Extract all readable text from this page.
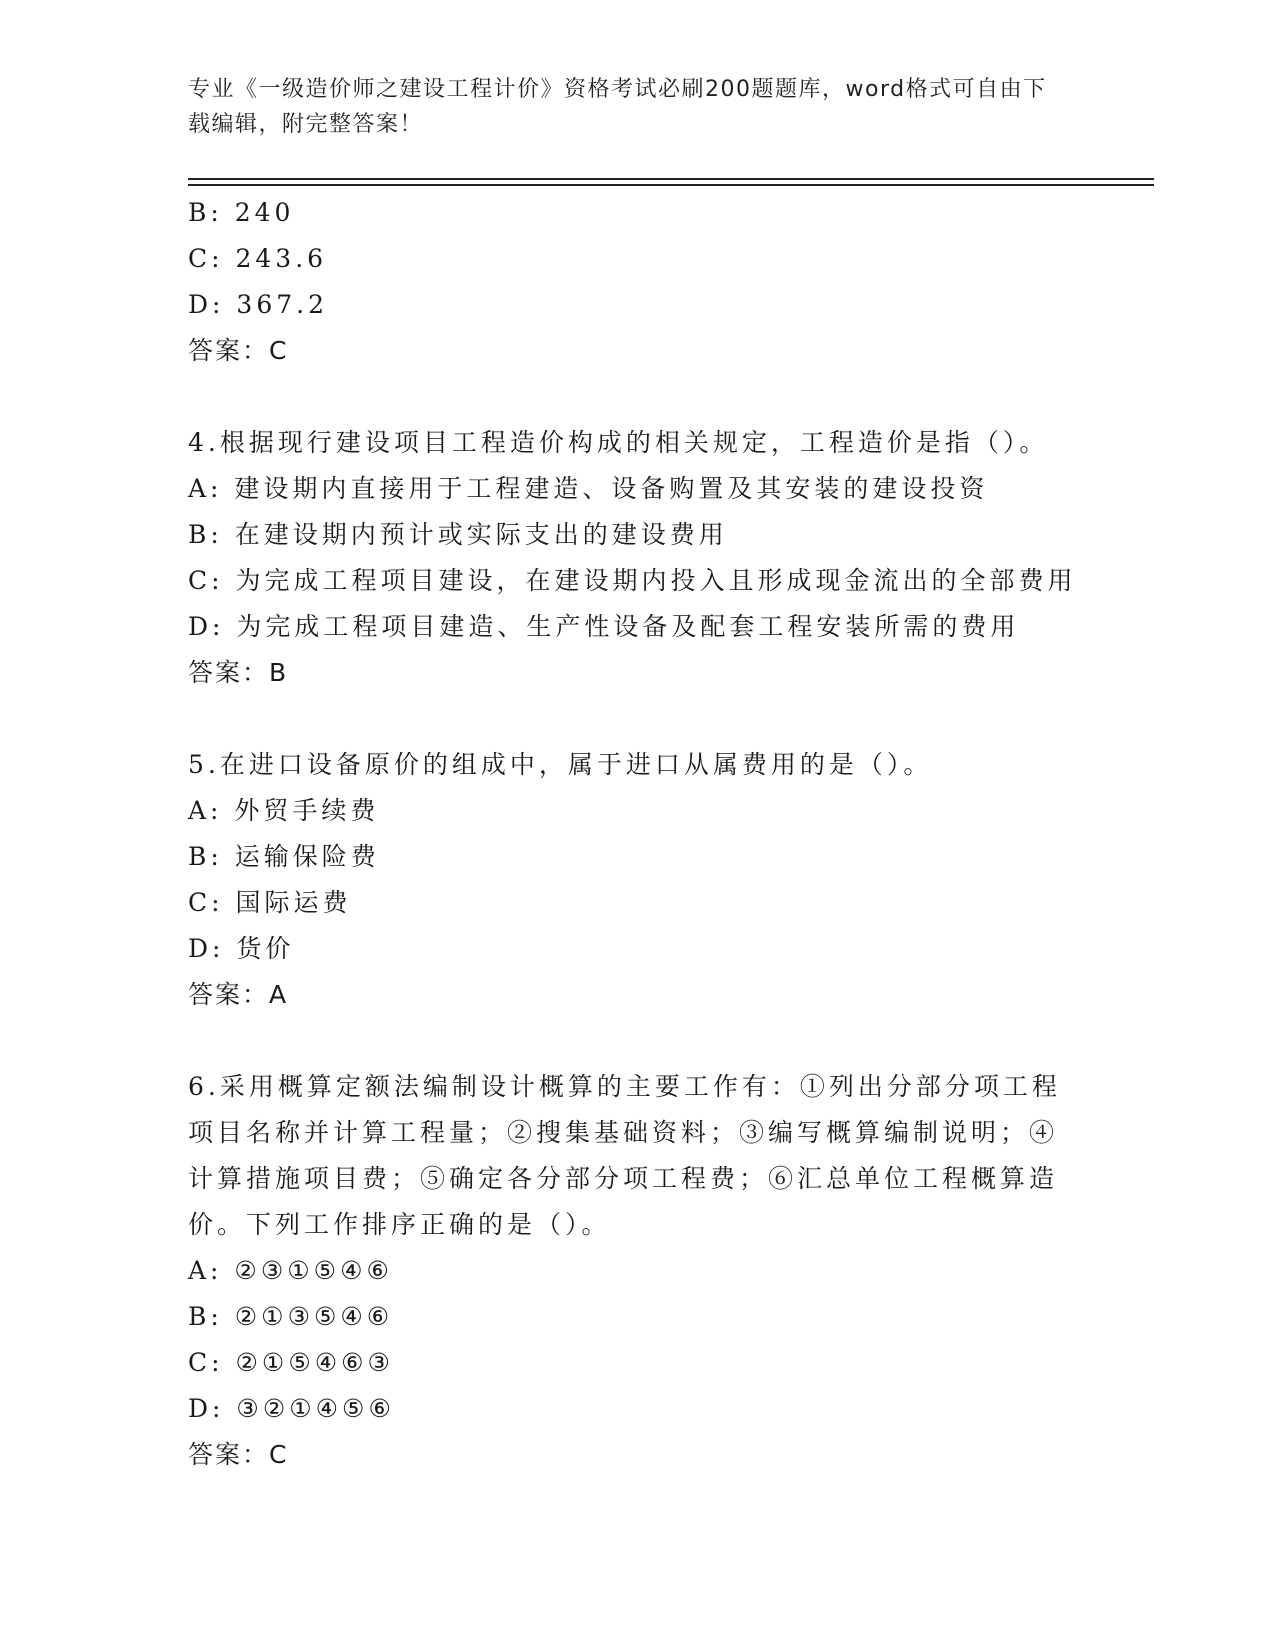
专业《一级造价师之建设工程计价》资格考试必刷200题题库，word格式可自由下载编辑，附完整答案！
B: 240
C: 243.6
D: 367.2
答案：C
4.根据现行建设项目工程造价构成的相关规定，工程造价是指（）。
A: 建设期内直接用于工程建造、设备购置及其安装的建设投资
B: 在建设期内预计或实际支出的建设费用
C: 为完成工程项目建设，在建设期内投入且形成现金流出的全部费用
D: 为完成工程项目建造、生产性设备及配套工程安装所需的费用
答案：B
5.在进口设备原价的组成中，属于进口从属费用的是（）。
A: 外贸手续费
B: 运输保险费
C: 国际运费
D: 货价
答案：A
6.采用概算定额法编制设计概算的主要工作有：①列出分部分项工程项目名称并计算工程量；②搜集基础资料；③编写概算编制说明；④计算措施项目费；⑤确定各分部分项工程费；⑥汇总单位工程概算造价。下列工作排序正确的是（）。
A: ②③①⑤④⑥
B: ②①③⑤④⑥
C: ②①⑤④⑥③
D: ③②①④⑤⑥
答案：C
